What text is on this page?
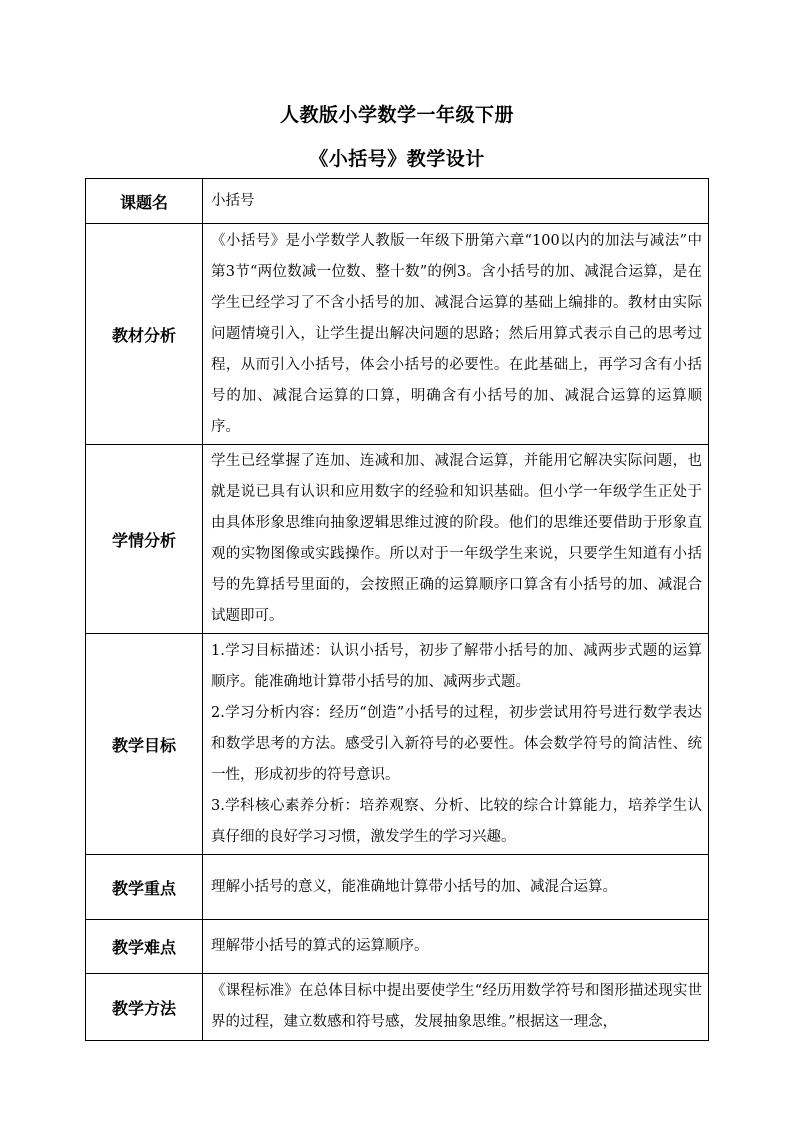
人教版小学数学一年级下册
《小括号》教学设计
课题名	小括号

教材分析	《小括号》是小学数学人教版一年级下册第六章“100以内的加法与减法”中第3节“两位数减一位数、整十数”的例3。含小括号的加、减混合运算，是在学生已经学习了不含小括号的加、减混合运算的基础上编排的。教材由实际问题情境引入，让学生提出解决问题的思路；然后用算式表示自己的思考过程，从而引入小括号，体会小括号的必要性。在此基础上，再学习含有小括号的加、减混合运算的口算，明确含有小括号的加、减混合运算的运算顺序。

学情分析	学生已经掌握了连加、连减和加、减混合运算，并能用它解决实际问题，也就是说已具有认识和应用数字的经验和知识基础。但小学一年级学生正处于由具体形象思维向抽象逻辑思维过渡的阶段。他们的思维还要借助于形象直观的实物图像或实践操作。所以对于一年级学生来说，只要学生知道有小括号的先算括号里面的，会按照正确的运算顺序口算含有小括号的加、减混合试题即可。

教学目标	1.学习目标描述：认识小括号，初步了解带小括号的加、减两步式题的运算顺序。能准确地计算带小括号的加、减两步式题。

2.学习分析内容：经历“创造”小括号的过程，初步尝试用符号进行数学表达和数学思考的方法。感受引入新符号的必要性。体会数学符号的简洁性、统一性，形成初步的符号意识。

3.学科核心素养分析：培养观察、分析、比较的综合计算能力，培养学生认真仔细的良好学习习惯，激发学生的学习兴趣。

教学重点	理解小括号的意义，能准确地计算带小括号的加、减混合运算。

教学难点	理解带小括号的算式的运算顺序。

教学方法	《课程标准》在总体目标中提出要使学生“经历用数学符号和图形描述现实世界的过程，建立数感和符号感，发展抽象思维。”根据这一理念，
